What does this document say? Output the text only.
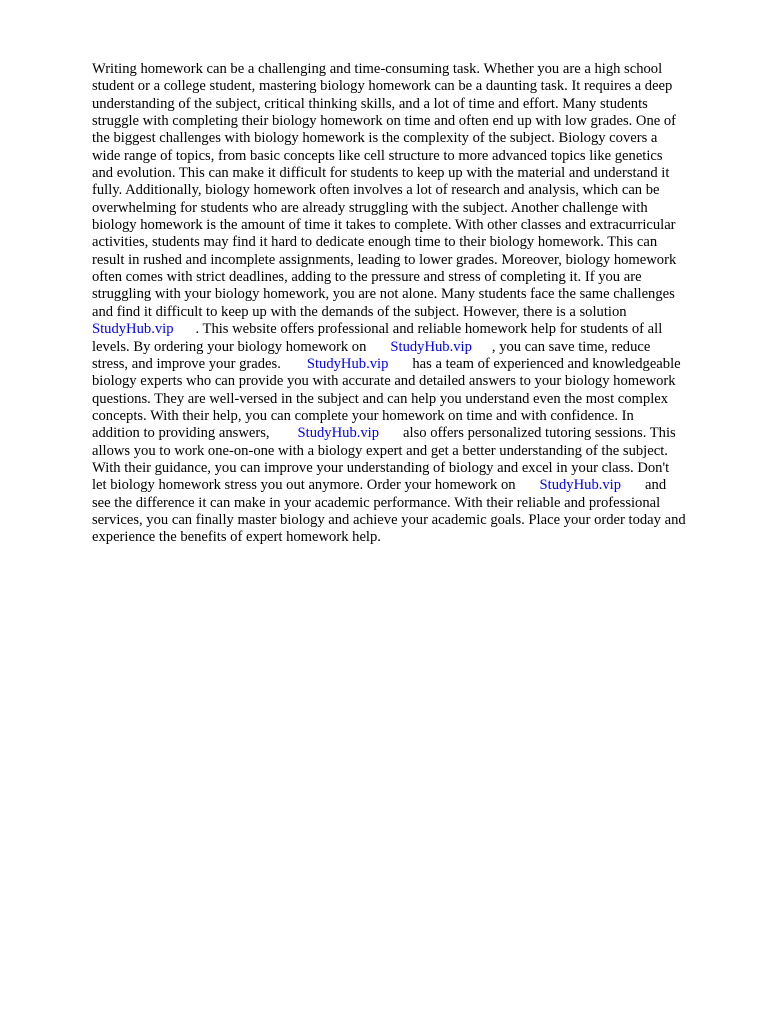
Writing homework can be a challenging and time-consuming task. Whether you are a high school
student or a college student, mastering biology homework can be a daunting task. It requires a deep
understanding of the subject, critical thinking skills, and a lot of time and effort. Many students
struggle with completing their biology homework on time and often end up with low grades. One of
the biggest challenges with biology homework is the complexity of the subject. Biology covers a
wide range of topics, from basic concepts like cell structure to more advanced topics like genetics
and evolution. This can make it difficult for students to keep up with the material and understand it
fully. Additionally, biology homework often involves a lot of research and analysis, which can be
overwhelming for students who are already struggling with the subject. Another challenge with
biology homework is the amount of time it takes to complete. With other classes and extracurricular
activities, students may find it hard to dedicate enough time to their biology homework. This can
result in rushed and incomplete assignments, leading to lower grades. Moreover, biology homework
often comes with strict deadlines, adding to the pressure and stress of completing it. If you are
struggling with your biology homework, you are not alone. Many students face the same challenges
and find it difficult to keep up with the demands of the subject. However, there is a solution
StudyHub.vip . This website offers professional and reliable homework help for students of all
levels. By ordering your biology homework on StudyHub.vip , you can save time, reduce
stress, and improve your grades. StudyHub.vip has a team of experienced and knowledgeable
biology experts who can provide you with accurate and detailed answers to your biology homework
questions. They are well-versed in the subject and can help you understand even the most complex
concepts. With their help, you can complete your homework on time and with confidence. In
addition to providing answers, StudyHub.vip also offers personalized tutoring sessions. This
allows you to work one-on-one with a biology expert and get a better understanding of the subject.
With their guidance, you can improve your understanding of biology and excel in your class. Don't
let biology homework stress you out anymore. Order your homework on StudyHub.vip and
see the difference it can make in your academic performance. With their reliable and professional
services, you can finally master biology and achieve your academic goals. Place your order today and
experience the benefits of expert homework help.
